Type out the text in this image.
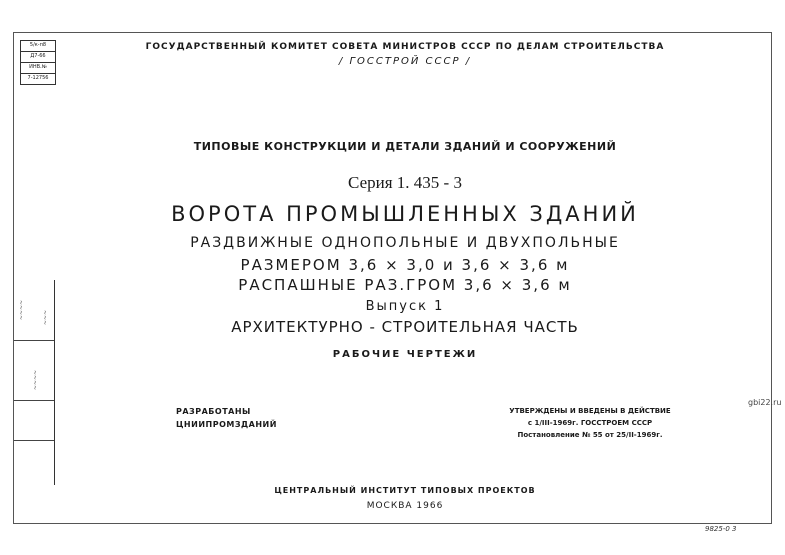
5/к-п8
Д7-66
ИНВ.№
7-12756
~~~~
~~~~
~~~
ГОСУДАРСТВЕННЫЙ КОМИТЕТ СОВЕТА МИНИСТРОВ СССР ПО ДЕЛАМ СТРОИТЕЛЬСТВА
/ ГОССТРОЙ СССР /
ТИПОВЫЕ КОНСТРУКЦИИ И ДЕТАЛИ ЗДАНИЙ И СООРУЖЕНИЙ
Серия 1. 435 - 3
ВОРОТА ПРОМЫШЛЕННЫХ ЗДАНИЙ
РАЗДВИЖНЫЕ ОДНОПОЛЬНЫЕ И ДВУХПОЛЬНЫЕ
РАЗМЕРОМ 3,6 × 3,0 и 3,6 × 3,6 м
РАСПАШНЫЕ РАЗ.ГРОМ 3,6 × 3,6 м
Выпуск 1
АРХИТЕКТУРНО - СТРОИТЕЛЬНАЯ ЧАСТЬ
РАБОЧИЕ ЧЕРТЕЖИ
РАЗРАБОТАНЫ
ЦНИИПРОМЗДАНИЙ
УТВЕРЖДЕНЫ И ВВЕДЕНЫ В ДЕЙСТВИЕ
с 1/III-1969г. ГОССТРОЕМ СССР
Постановление № 55 от 25/II-1969г.
ЦЕНТРАЛЬНЫЙ ИНСТИТУТ ТИПОВЫХ ПРОЕКТОВ
МОСКВА 1966
gbi22.ru
9825-0 3
